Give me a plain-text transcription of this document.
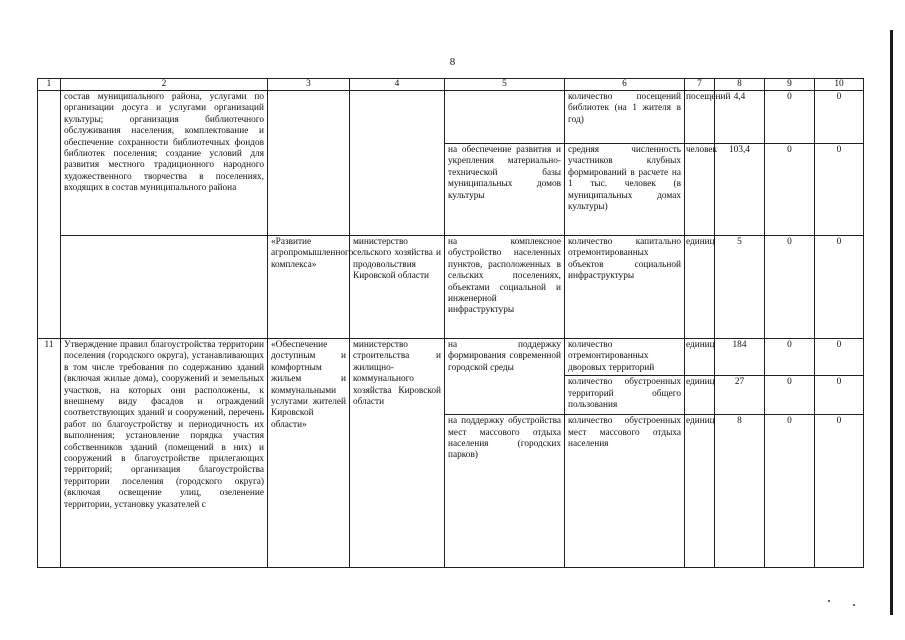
8
1	2	3	4	5	6	7	8	9	10
	состав муниципального района, услугами по организации досуга и услугами организаций культуры; организация библиотечного обслуживания населения, комплектование и обеспечение сохранности библиотечных фондов библиотек поселения; создание условий для развития местного традиционного народного художественного творчества в поселениях, входящих в состав муниципального района				количество посещений библиотек (на 1 жителя в год)	посещений	4,4	0	0
				на обеспечение развития и укрепления материально-технической базы муниципальных домов культуры	средняя численность участников клубных формирований в расчете на 1 тыс. человек (в муниципальных домах культуры)	человек	103,4	0	0
		«Развитие агропромышленного комплекса»	министерство сельского хозяйства и продовольствия Кировской области	на комплексное обустройство населенных пунктов, расположенных в сельских поселениях, объектами социальной и инженерной инфраструктуры	количество капитально отремонтированных объектов социальной инфраструктуры	единиц	5	0	0
11	Утверждение правил благоустройства территории поселения (городского округа), устанавливающих в том числе требования по содержанию зданий (включая жилые дома), сооружений и земельных участков, на которых они расположены, к внешнему виду фасадов и ограждений соответствующих зданий и сооружений, перечень работ по благоустройству и периодичность их выполнения; установление порядка участия собственников зданий (помещений в них) и сооружений в благоустройстве прилегающих территорий; организация благоустройства территории поселения (городского округа) (включая освещение улиц, озеленение территории, установку указателей с	«Обеспечение доступным и комфортным жильем и коммунальными услугами жителей Кировской области»	министерство строительства и жилищно-коммунального хозяйства Кировской области	на поддержку формирования современной городской среды	количество отремонтированных дворовых территорий	единиц	184	0	0
					количество обустроенных территорий общего пользования	единиц	27	0	0
				на поддержку обустройства мест массового отдыха населения (городских парков)	количество обустроенных мест массового отдыха населения	единиц	8	0	0
